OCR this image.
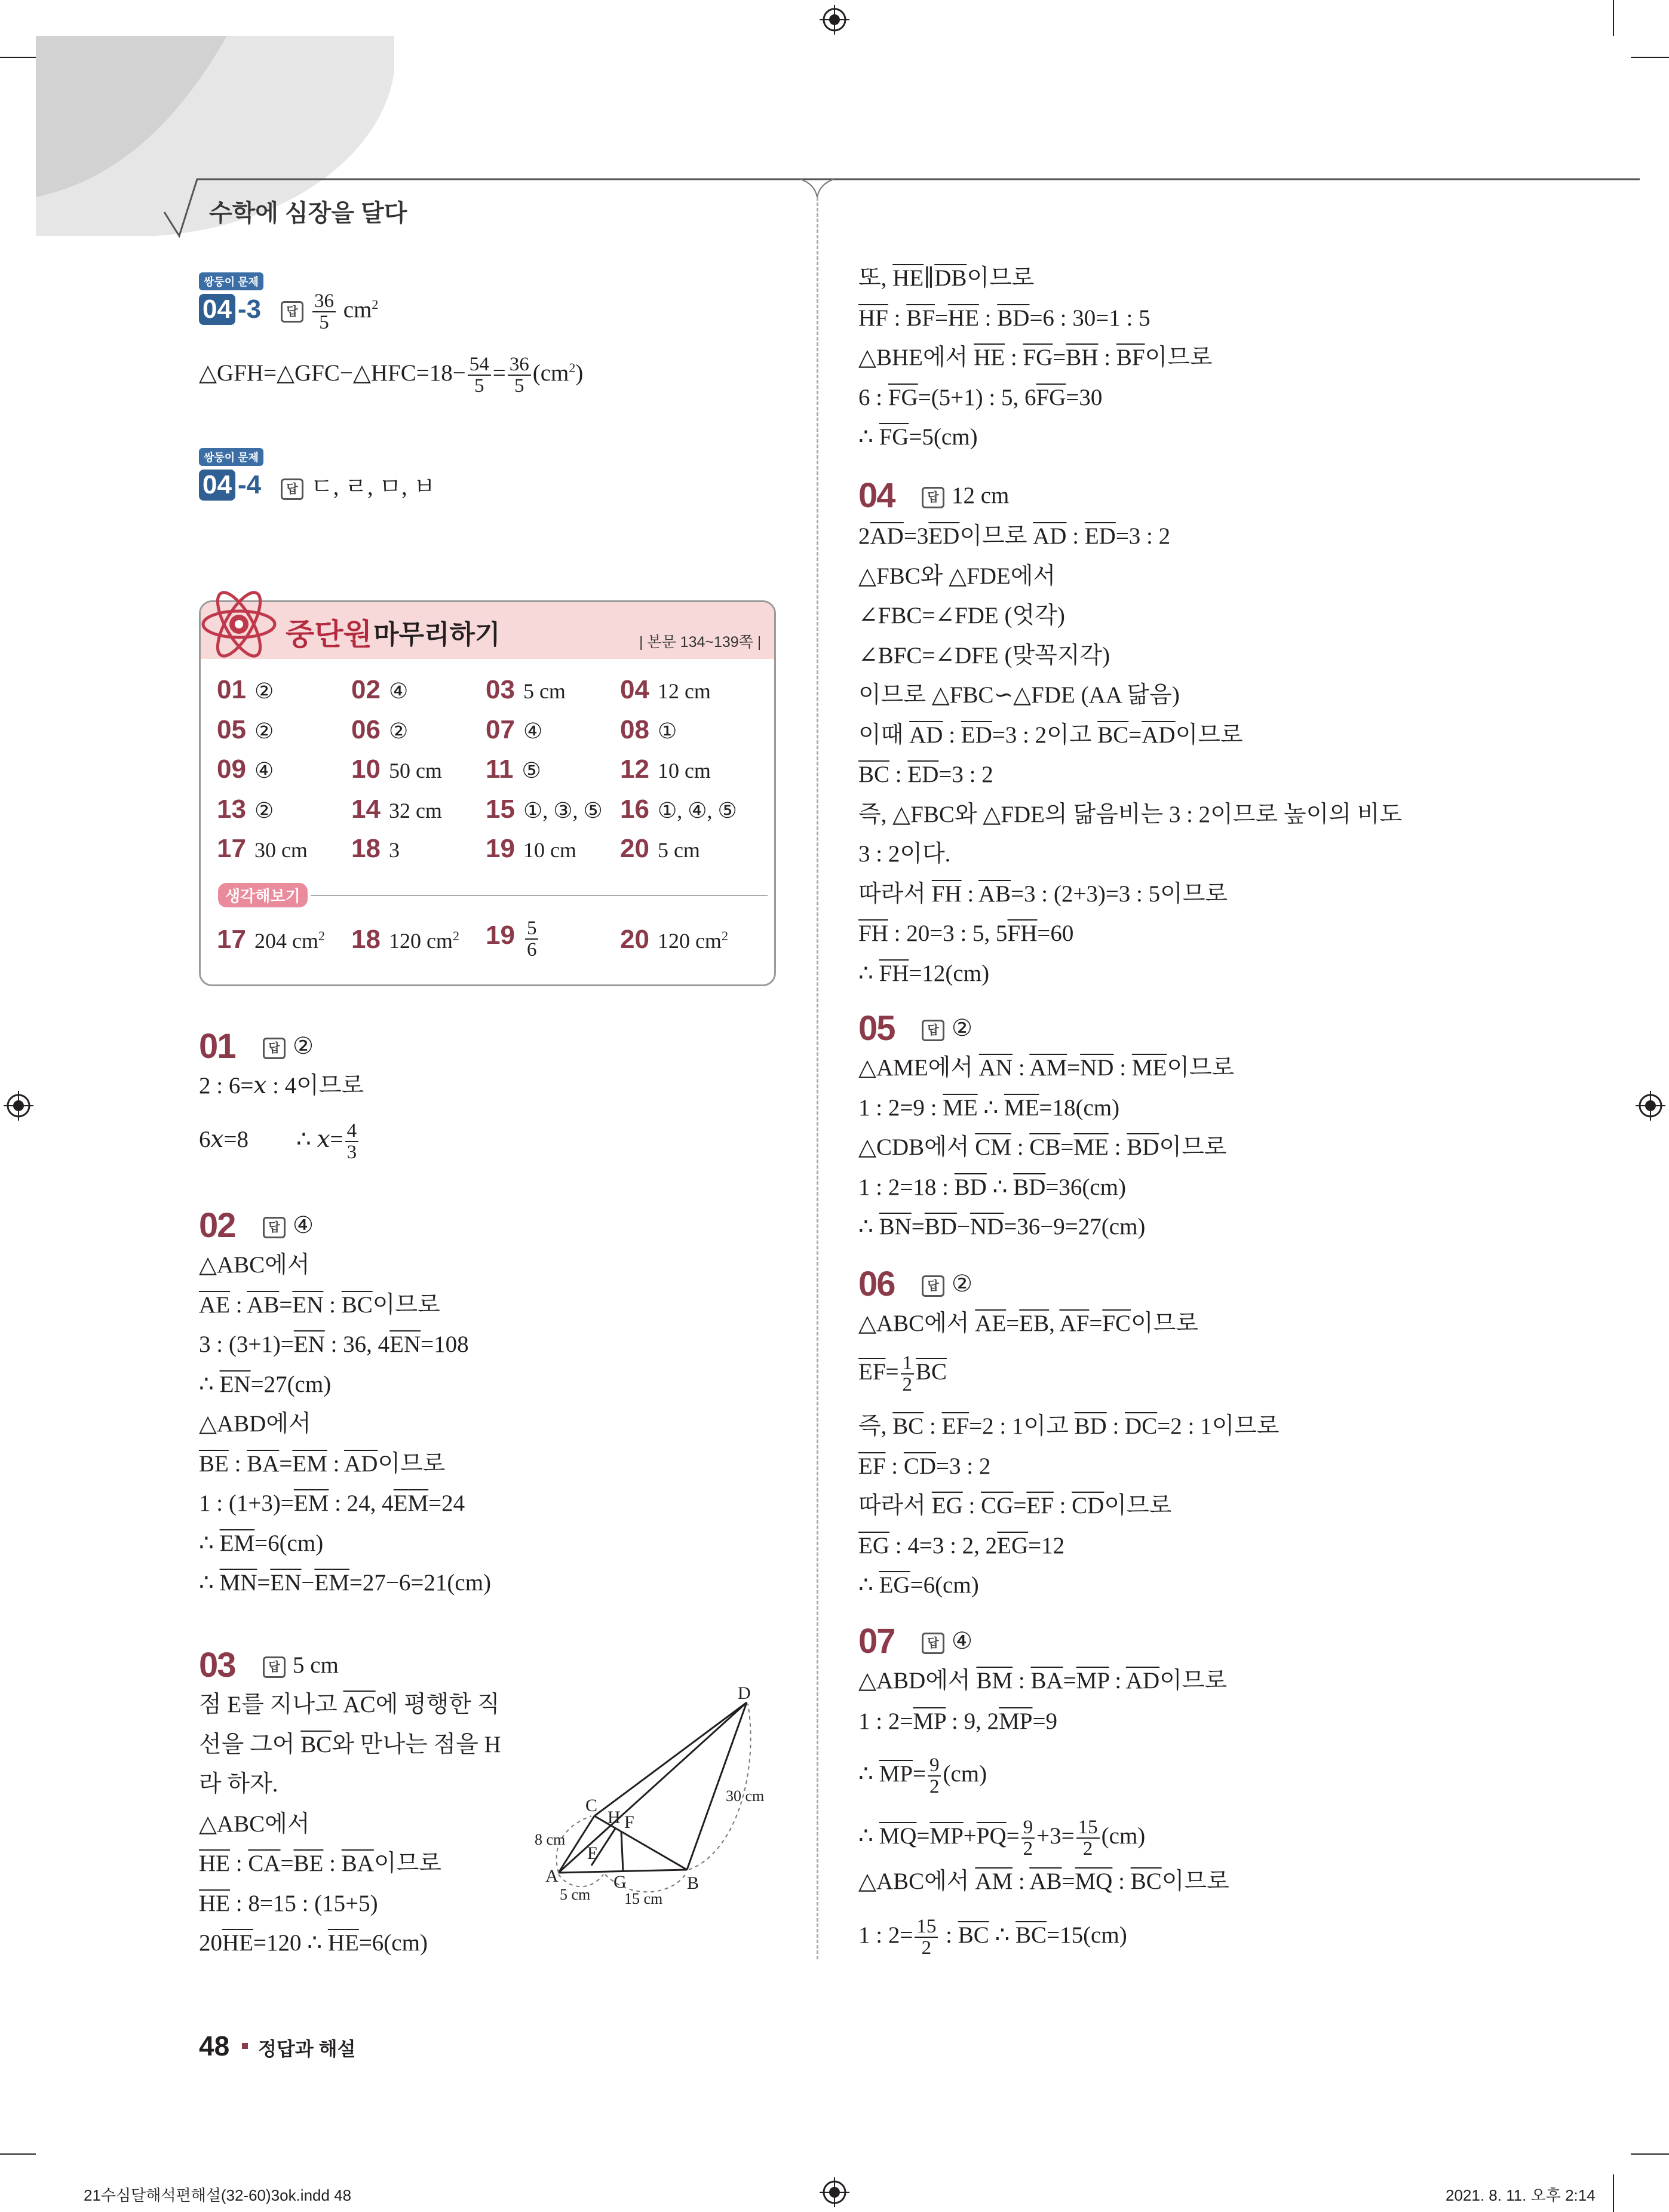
수학에 심장을 달다
쌍둥이 문제
04 -3	답 $\frac{36}{5} cm^2$
△GFH=△GFC−△HFC=18− $\frac{54}{5} = \frac{36}{5} (cm^2)$
쌍둥이 문제
04 -4	답 ㄷ, ㄹ, ㅁ, ㅂ
중단원 마무리하기	| 본문 134~139쪽 |
01 ②	02 ④	03 5 cm 04 12 cm
05 ②	06 ②	07 ④	08 ①
09 ④	10 50 cm 11 ⑤	12 10 cm
13 ②	14 32 cm 15 ①, ③, ⑤ 16 ①, ④, ⑤
17 30 cm 18 3	19 10 cm 20 5 cm
생각해보기
17 204 $cm^2$ 18 120 $cm^2$ $19 \frac{5}{6}$	20 120 $cm^2$
01	답 ②
2 : 6=𝑥 : 4이므로
6𝑥=8 ∴ 𝑥= $\frac{4}{3}$
02	답 ④
△ABC에서
$\overline{AE}$ : $\overline{AB}=\overline{EN}$ : $\overline{BC}$이므로
3 : $(3+1)=\overline{EN}$ : 36, $4\overline{EN}=108$
∴ $\overline{EN}=27(cm)$
△ABD에서
$\overline{BE}$ : $\overline{BA}=\overline{EM}$ : $\overline{AD}$이므로
1 : $(1+3)=\overline{EM}$ : 24, $4\overline{EM}=24$
∴ $\overline{EM}=6(cm)$
∴ $\overline{MN}=\overline{EN}-\overline{EM}=27-6=21(cm)$
03	답 5 cm
점 E를 지나고 $\overline{AC}$에 평행한 직
선을 그어 $\overline{BC}$와 만나는 점을 H
라 하자.
△ABC에서
$\overline{HE}$ : $\overline{CA}=\overline{BE}$ : $\overline{BA}$이므로
$\overline{HE}$ : 8=15 : (15+5)
$20\overline{HE}=120$ ∴ $\overline{HE}=6(cm)$
D
C
H F
E
A	G	B
8 cm
5 cm 15 cm
30 cm
또, $\overline{HE}\parallel\overline{DB}$이므로
$\overline{HF}$ : $\overline{BF}=\overline{HE}$ : $\overline{BD}=6$ : 30=1 : 5
△BHE에서 $\overline{HE}$ : $\overline{FG}=\overline{BH}$ : $\overline{BF}$이므로
6 : $\overline{FG}=(5+1)$ : 5, $6\overline{FG}=30$
∴ $\overline{FG}=5(cm)$
04	답 12 cm
$2\overline{AD}=3\overline{ED}$이므로 $\overline{AD}$ : $\overline{ED}=3$ : 2
△FBC와 △FDE에서
∠FBC=∠FDE (엇각)
∠BFC=∠DFE (맞꼭지각)
이므로 △FBC∽△FDE (AA 닮음)
이때 $\overline{AD}$ : $\overline{ED}=3$ : 2이고 $\overline{BC}=\overline{AD}$이므로
$\overline{BC}$ : $\overline{ED}=3$ : 2
즉, △FBC와 △FDE의 닮음비는 3 : 2이므로 높이의 비도
3 : 2이다.
따라서 $\overline{FH}$ : $\overline{AB}=3$ : (2+3)=3 : 5이므로
$\overline{FH}$ : 20=3 : 5, $5\overline{FH}=60$
∴ $\overline{FH}=12(cm)$
05	답 ②
△AME에서 $\overline{AN}$ : $\overline{AM}=\overline{ND}$ : $\overline{ME}$이므로
1 : 2=9 : $\overline{ME}$ ∴ $\overline{ME}=18(cm)$
△CDB에서 $\overline{CM}$ : $\overline{CB}=\overline{ME}$ : $\overline{BD}$이므로
1 : 2=18 : $\overline{BD}$ ∴ $\overline{BD}=36(cm)$
∴ $\overline{BN}=\overline{BD}-\overline{ND}=36-9=27(cm)$
06	답 ②
△ABC에서 $\overline{AE}=\overline{EB}$, $\overline{AF}=\overline{FC}$이므로
$\overline{EF}= \frac{1}{2} \overline{BC}$
즉, $\overline{BC}$ : $\overline{EF}=2$ : 1이고 $\overline{BD}$ : $\overline{DC}=2$ : 1이므로
$\overline{EF}$ : $\overline{CD}=3$ : 2
따라서 $\overline{EG}$ : $\overline{CG}=\overline{EF}$ : $\overline{CD}$이므로
$\overline{EG}$ : 4=3 : 2, $2\overline{EG}=12$
∴ $\overline{EG}=6(cm)$
07	답 ④
△ABD에서 $\overline{BM}$ : $\overline{BA}=\overline{MP}$ : $\overline{AD}$이므로
1 : $2=\overline{MP}$ : 9, $2\overline{MP}=9$
∴ $\overline{MP}= \frac{9}{2} (cm)$
∴ $\overline{MQ}=\overline{MP}+\overline{PQ}= \frac{9}{2} +3= \frac{15}{2} (cm)$
△ABC에서 $\overline{AM}$ : $\overline{AB}=\overline{MQ}$ : $\overline{BC}$이므로
1 : $2= \frac{15}{2}$ : $\overline{BC}$ ∴ $\overline{BC}=15(cm)$
48 정답과 해설
21수심달해석편해설(32-60)3ok.indd 48	2021. 8. 11. 오후 2:14
